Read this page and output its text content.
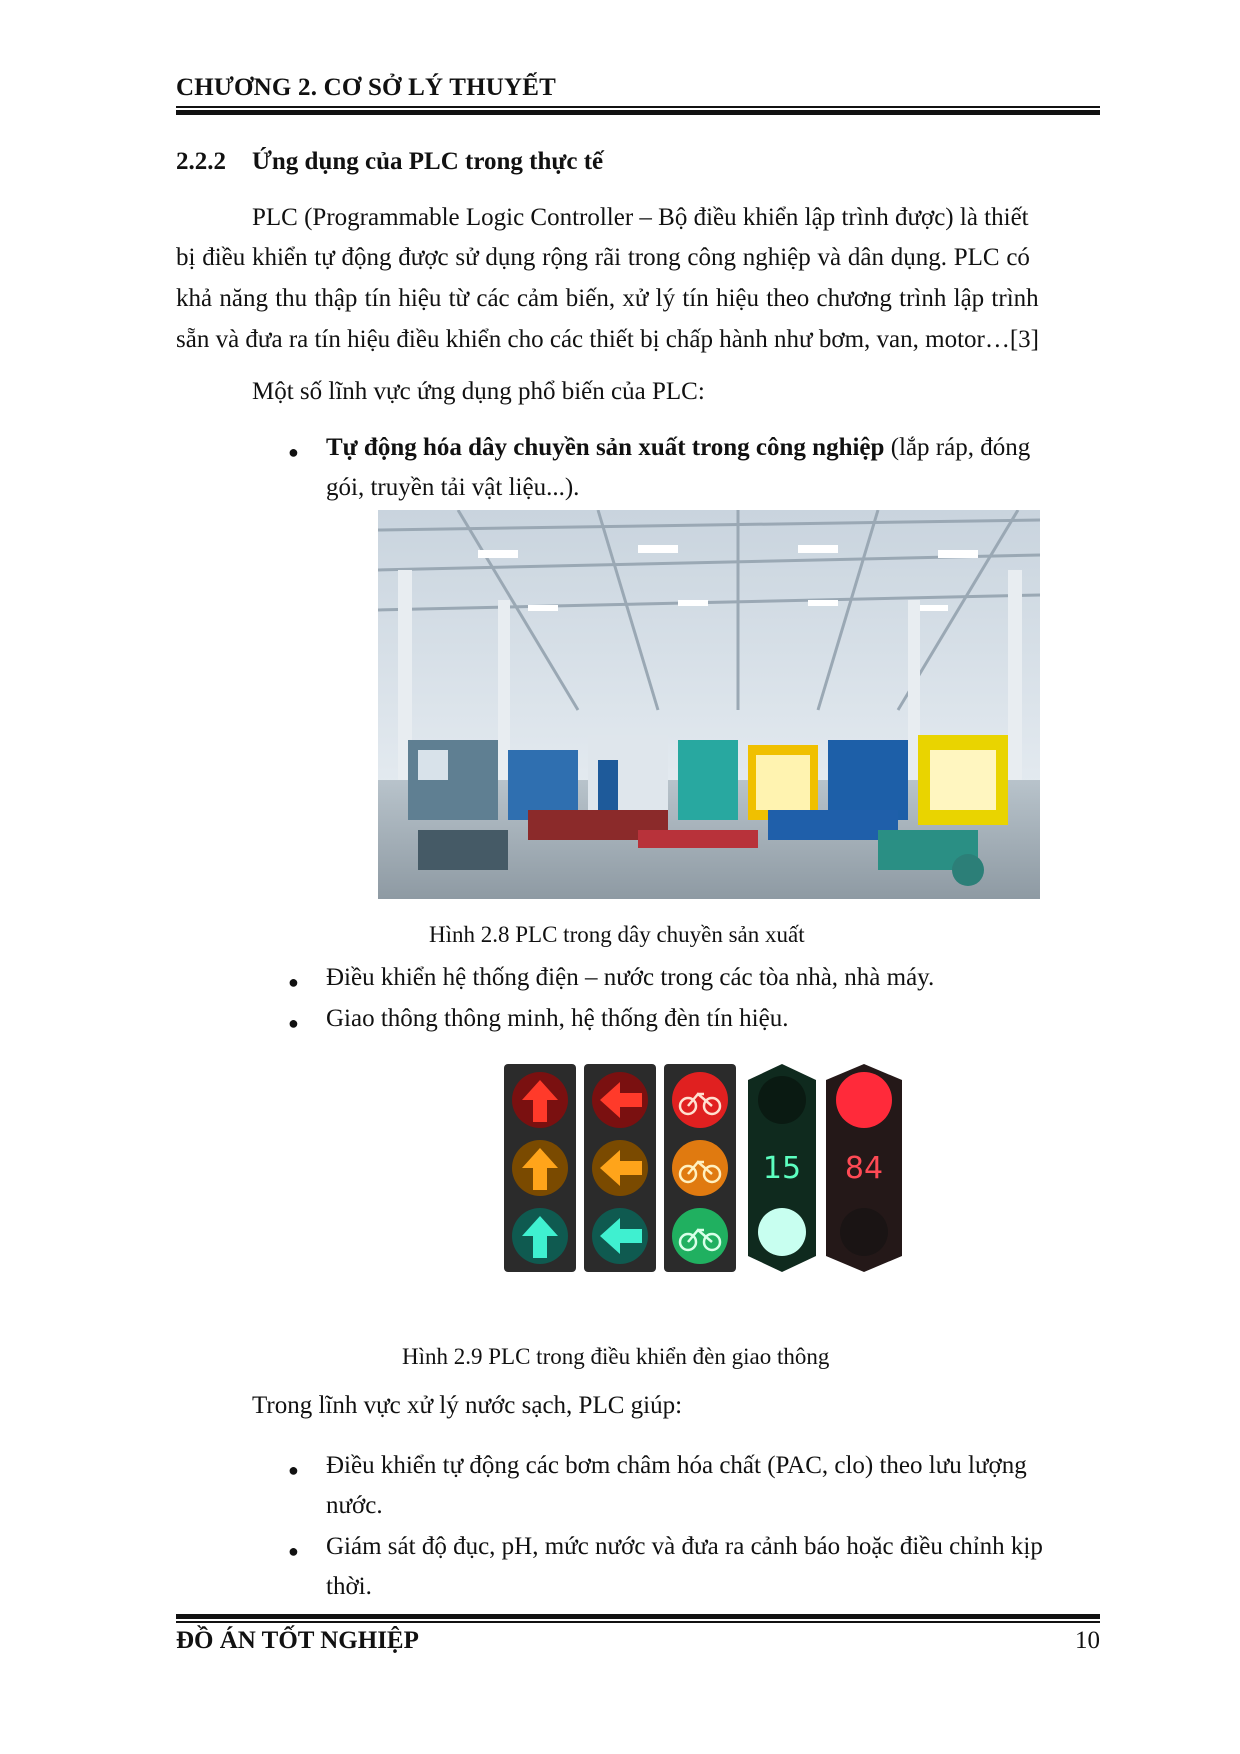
CHƯƠNG 2. CƠ SỞ LÝ THUYẾT
2.2.2 Ứng dụng của PLC trong thực tế
PLC (Programmable Logic Controller – Bộ điều khiển lập trình được) là thiết
bị điều khiển tự động được sử dụng rộng rãi trong công nghiệp và dân dụng. PLC có
khả năng thu thập tín hiệu từ các cảm biến, xử lý tín hiệu theo chương trình lập trình
sẵn và đưa ra tín hiệu điều khiển cho các thiết bị chấp hành như bơm, van, motor…[3]
Một số lĩnh vực ứng dụng phổ biến của PLC:
● Tự động hóa dây chuyền sản xuất trong công nghiệp (lắp ráp, đóng
gói, truyền tải vật liệu...).
Hình 2.8 PLC trong dây chuyền sản xuất
● Điều khiển hệ thống điện – nước trong các tòa nhà, nhà máy.
● Giao thông thông minh, hệ thống đèn tín hiệu.
15 84
Hình 2.9 PLC trong điều khiển đèn giao thông
Trong lĩnh vực xử lý nước sạch, PLC giúp:
● Điều khiển tự động các bơm châm hóa chất (PAC, clo) theo lưu lượng
nước.
● Giám sát độ đục, pH, mức nước và đưa ra cảnh báo hoặc điều chỉnh kịp
thời.
ĐỒ ÁN TỐT NGHIỆP	10
